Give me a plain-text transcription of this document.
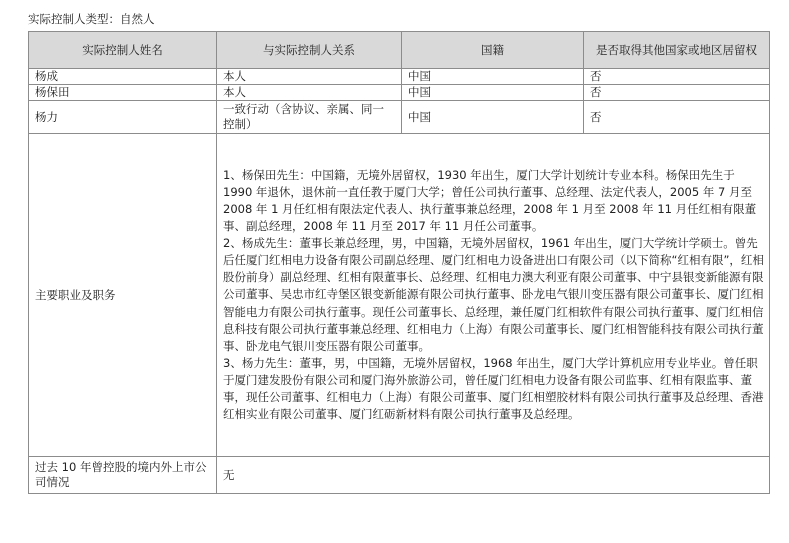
实际控制人类型：自然人
实际控制人姓名	与实际控制人关系	国籍	是否取得其他国家或地区居留权
杨成	本人	中国	否
杨保田	本人	中国	否
杨力	一致行动（含协议、亲属、同一控制）	中国	否
主要职业及职务	1、杨保田先生：中国籍，无境外居留权，1930 年出生，厦门大学计划统计专业本科。杨保田先生于 1990 年退休，退休前一直任教于厦门大学；曾任公司执行董事、总经理、法定代表人，2005 年 7 月至 2008 年 1 月任红相有限法定代表人、执行董事兼总经理，2008 年 1 月至 2008 年 11 月任红相有限董事、副总经理，2008 年 11 月至 2017 年 11 月任公司董事。

2、杨成先生：董事长兼总经理，男，中国籍，无境外居留权，1961 年出生，厦门大学统计学硕士。曾先后任厦门红相电力设备有限公司副总经理、厦门红相电力设备进出口有限公司（以下简称“红相有限”，红相股份前身）副总经理、红相有限董事长、总经理、红相电力澳大利亚有限公司董事、中宁县银变新能源有限公司董事、吴忠市红寺堡区银变新能源有限公司执行董事、卧龙电气银川变压器有限公司董事长、厦门红相智能电力有限公司执行董事。现任公司董事长、总经理，兼任厦门红相软件有限公司执行董事、厦门红相信息科技有限公司执行董事兼总经理、红相电力（上海）有限公司董事长、厦门红相智能科技有限公司执行董事、卧龙电气银川变压器有限公司董事。

3、杨力先生：董事，男，中国籍，无境外居留权，1968 年出生，厦门大学计算机应用专业毕业。曾任职于厦门建发股份有限公司和厦门海外旅游公司，曾任厦门红相电力设备有限公司监事、红相有限监事、董事，现任公司董事、红相电力（上海）有限公司董事、厦门红相塑胶材料有限公司执行董事及总经理、香港红相实业有限公司董事、厦门红砺新材料有限公司执行董事及总经理。		

过去 10 年曾控股的境内外上市公司情况	无		
